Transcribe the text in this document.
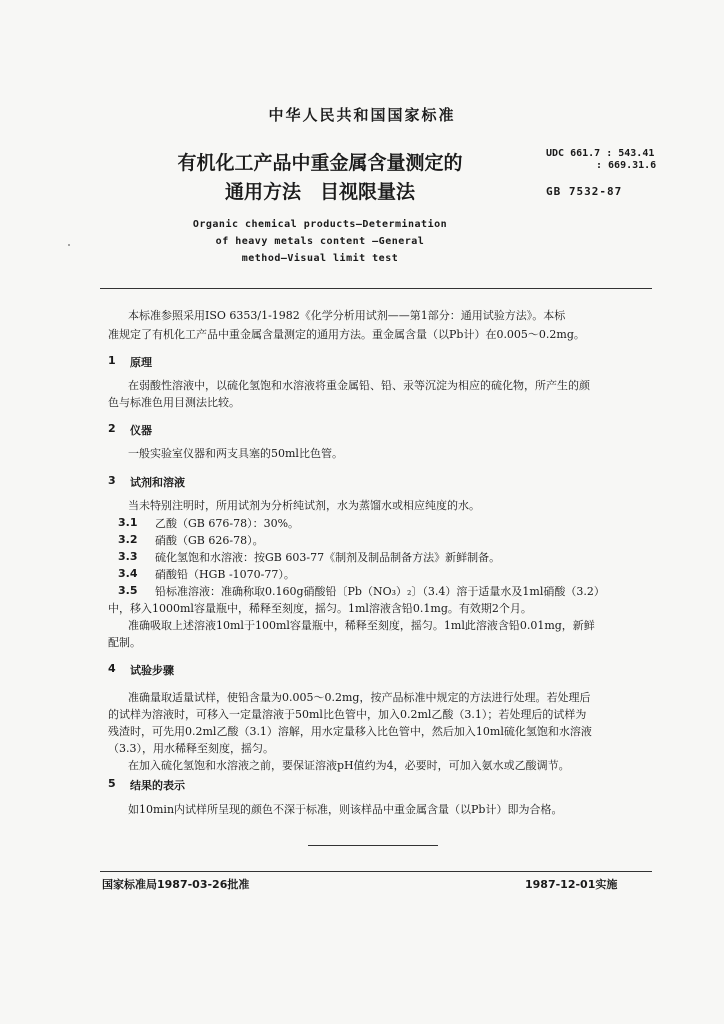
中华人民共和国国家标准
有机化工产品中重金属含量测定的
通用方法　目视限量法
UDC 661.7 : 543.41
: 669.31.6
GB 7532-87
Organic chemical products—Determination
of heavy metals content —General
method—Visual limit test
本标准参照采用ISO 6353/1-1982《化学分析用试剂——第1部分：通用试验方法》。本标
准规定了有机化工产品中重金属含量测定的通用方法。重金属含量（以Pb计）在0.005～0.2mg。
1 原理
在弱酸性溶液中，以硫化氢饱和水溶液将重金属铅、铅、汞等沉淀为相应的硫化物，所产生的颜
色与标准色用目测法比较。
2 仪器
一般实验室仪器和两支具塞的50ml比色管。
3 试剂和溶液
当未特别注明时，所用试剂为分析纯试剂，水为蒸馏水或相应纯度的水。
3.1 乙酸（GB 676-78）：30%。
3.2 硝酸（GB 626-78）。
3.3 硫化氢饱和水溶液：按GB 603-77《制剂及制品制备方法》新鲜制备。
3.4 硝酸铅（HGB -1070-77）。
3.5 铅标准溶液：准确称取0.160g硝酸铅〔Pb（NO₃）₂〕（3.4）溶于适量水及1ml硝酸（3.2）
中，移入1000ml容量瓶中，稀释至刻度，摇匀。1ml溶液含铅0.1mg。有效期2个月。
准确吸取上述溶液10ml于100ml容量瓶中，稀释至刻度，摇匀。1ml此溶液含铅0.01mg，新鲜
配制。
4 试验步骤
准确量取适量试样，使铅含量为0.005～0.2mg，按产品标准中规定的方法进行处理。若处理后
的试样为溶液时，可移入一定量溶液于50ml比色管中，加入0.2ml乙酸（3.1）；若处理后的试样为
残渣时，可先用0.2ml乙酸（3.1）溶解，用水定量移入比色管中，然后加入10ml硫化氢饱和水溶液
（3.3），用水稀释至刻度，摇匀。
在加入硫化氢饱和水溶液之前，要保证溶液pH值约为4，必要时，可加入氨水或乙酸调节。
5 结果的表示
如10min内试样所呈现的颜色不深于标准，则该样品中重金属含量（以Pb计）即为合格。
国家标准局1987-03-26批准	1987-12-01实施
